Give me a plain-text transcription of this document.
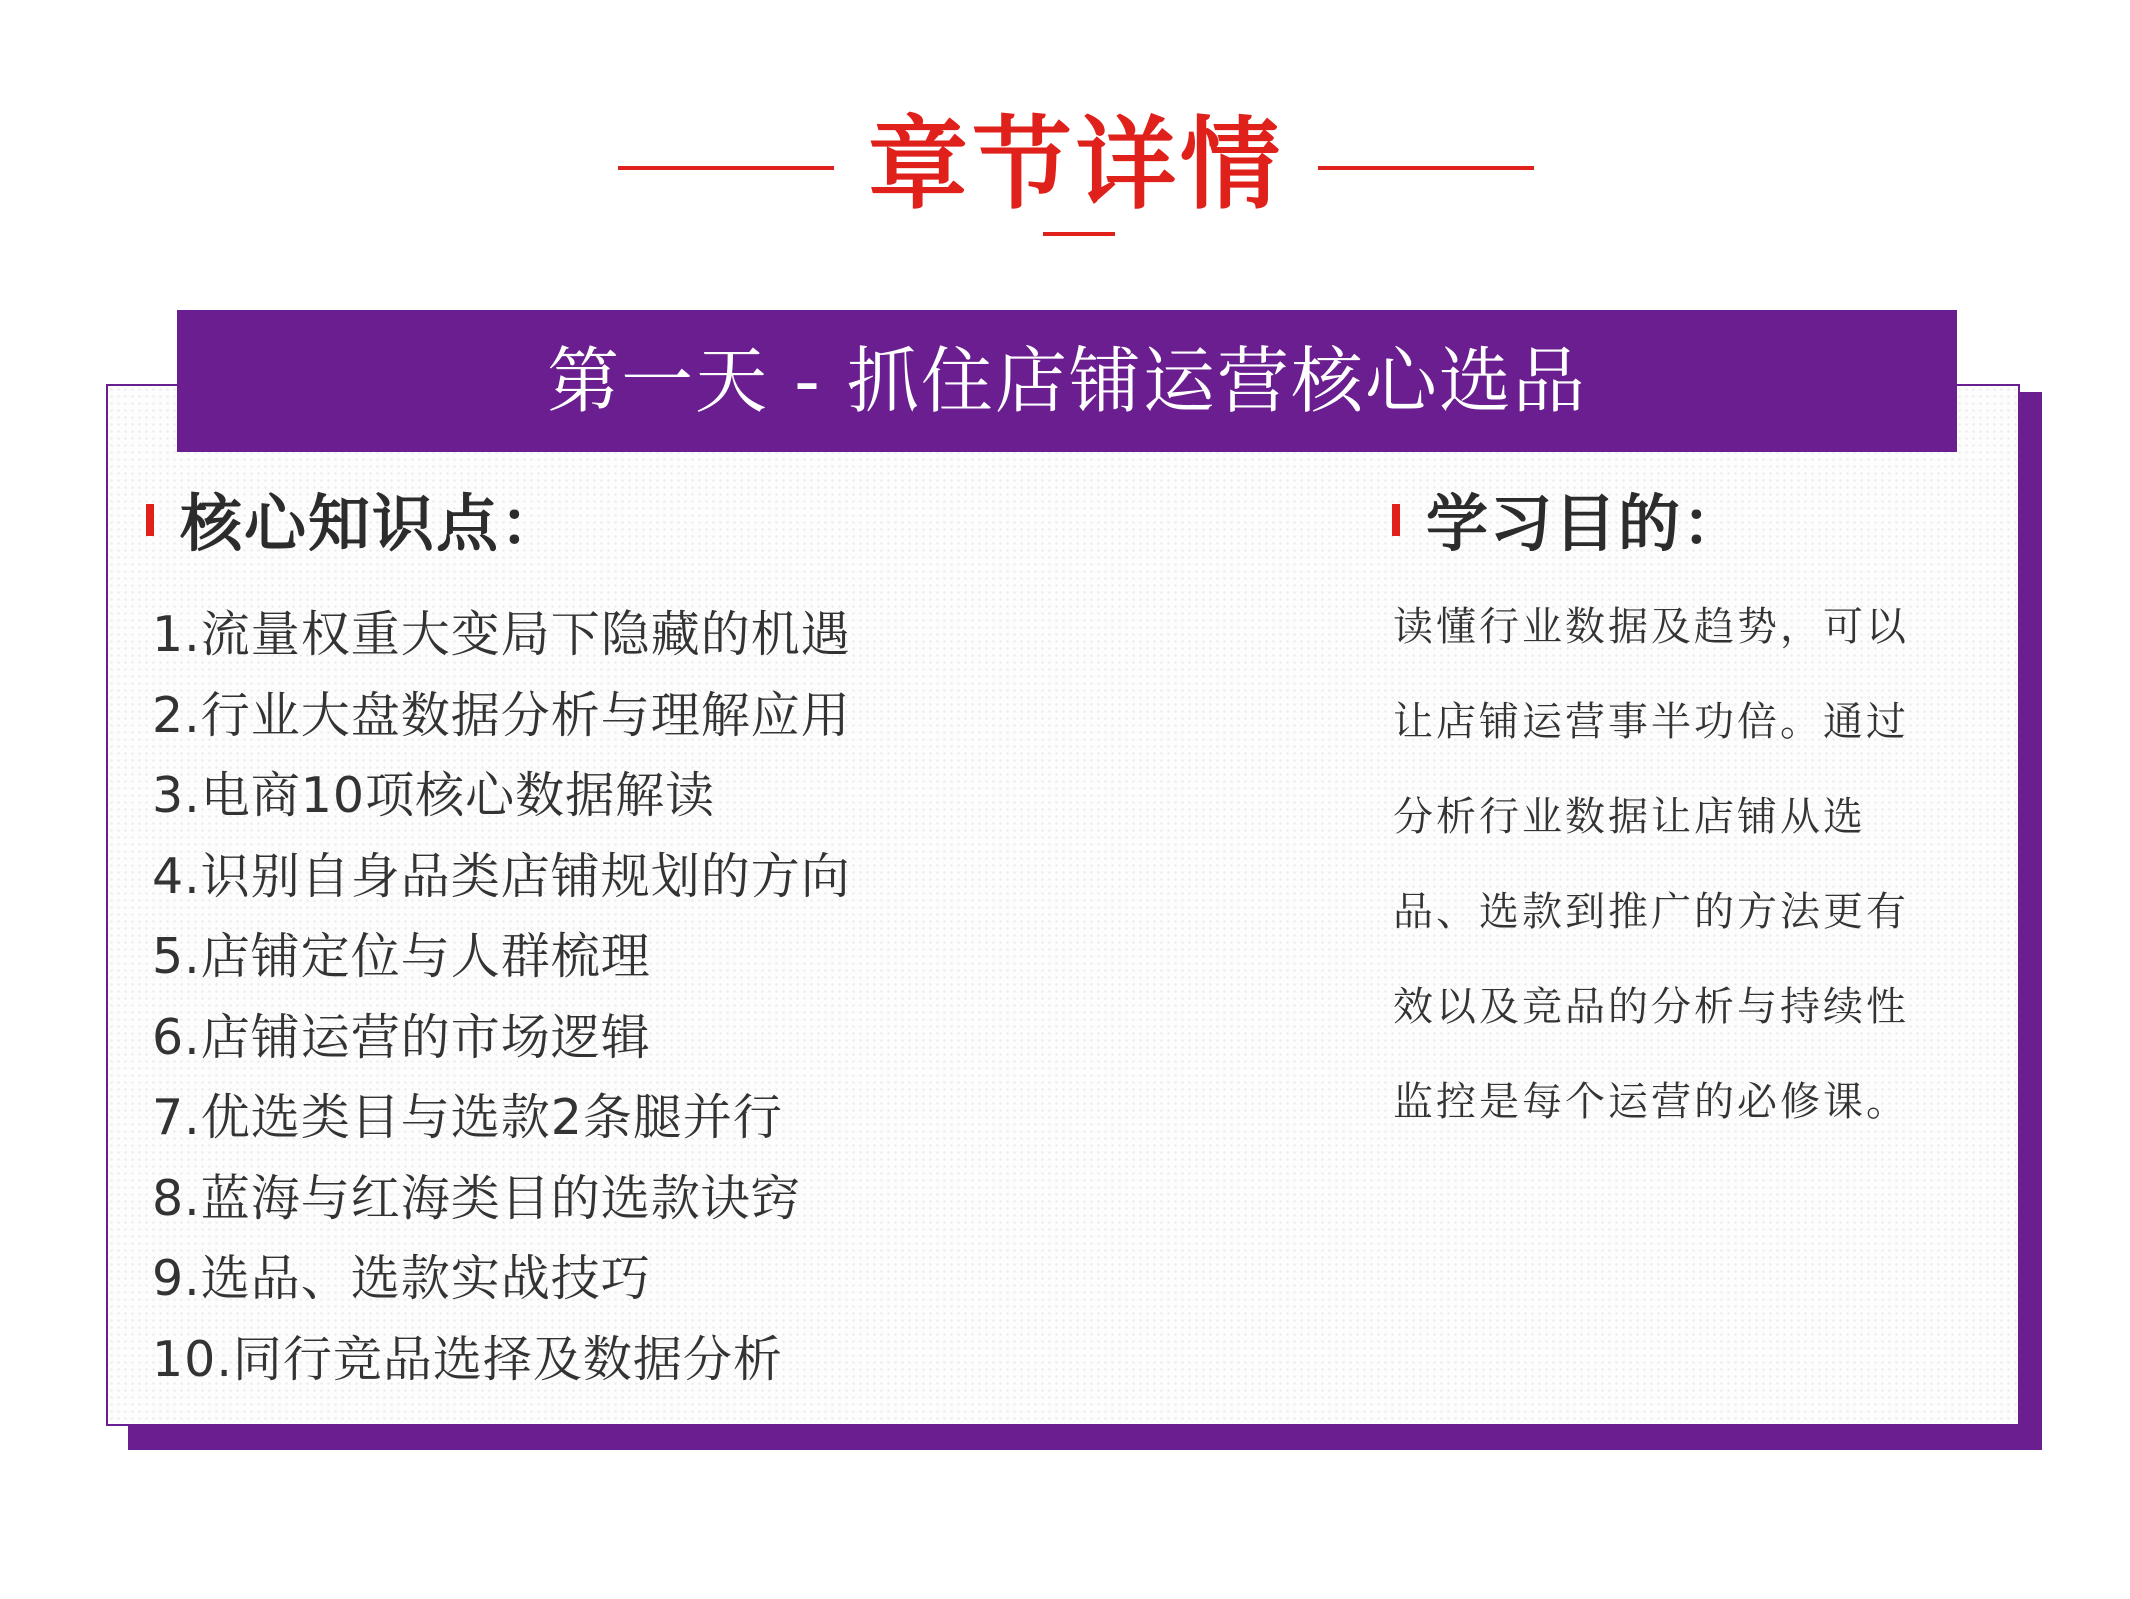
章节详情
第一天 - 抓住店铺运营核心选品
核心知识点：
1.流量权重大变局下隐藏的机遇
2.行业大盘数据分析与理解应用
3.电商10项核心数据解读
4.识别自身品类店铺规划的方向
5.店铺定位与人群梳理
6.店铺运营的市场逻辑
7.优选类目与选款2条腿并行
8.蓝海与红海类目的选款诀窍
9.选品、选款实战技巧
10.同行竞品选择及数据分析
学习目的：

读懂行业数据及趋势，可以让店铺运营事半功倍。通过分析行业数据让店铺从选品、选款到推广的方法更有效以及竞品的分析与持续性监控是每个运营的必修课。
